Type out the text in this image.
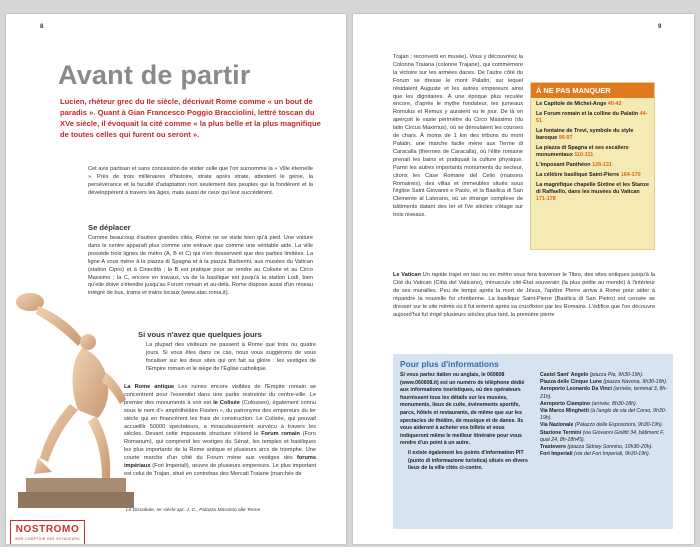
8
Avant de partir
Lucien, rhéteur grec du IIe siècle, décrivait Rome comme « un bout de paradis ». Quant à Gian Francesco Poggio Bracciolini, lettré toscan du XVe siècle, il évoquait la cité comme « la plus belle et la plus magnifique de toutes celles qui furent ou seront ».
Cet avis partisan et sans concession de visiter celle que l'on surnomme la « Ville éternelle ». Près de trois millénaires d'histoire, strate après strate, attestent le génie, la persévérance et la faculté d'adaptation non seulement des peuples qui la fondèrent et la développèrent à travers les âges, mais aussi de ceux qui leur succédèrent.
Se déplacer
Comme beaucoup d'autres grandes cités, Rome ne se visite bien qu'à pied. Une voiture dans le centre apparaît plus comme une entrave que comme une véritable aide. La ville possède trois lignes de métro (A, B et C) qui n'en desservent que des parties limitées. La ligne A vous mène à la piazza di Spagna et à la piazza Barberini, aux musées du Vatican (station Cipro) et à Cinecittà ; la B est pratique pour se rendre au Colisée et au Circo Massimo ; la C, encore en travaux, va de la basilique est jusqu'à la station Lodi, bien qu'elle doive s'étendre jusqu'au Forum romain et au-delà. Rome dispose aussi d'un réseau intégré de bus, trams et trains locaux (www.atac.roma.it).
Si vous n'avez que quelques jours
La plupart des visiteurs ne passent à Rome que trois ou quatre jours. Si vous êtes dans ce cas, nous vous suggérons de vous focaliser sur les deux sites qui ont fait sa gloire : les vestiges de l'Empire romain et le siège de l'Église catholique.
La Rome antique Les ruines encore visibles de l'Empire romain se concentrent pour l'essentiel dans une partie restreinte du centre-ville. Le premier des monuments à voir est le Colisée (Colosseo), également connu sous le nom d'« amphithéâtre Flavien », du patronyme des empereurs du Ier siècle qui en financèrent les frais de construction. Le Colisée, qui pouvait accueillir 50000 spectateurs, a miraculeusement survécu à travers les siècles. Devant cette imposante structure s'étend le Forum romain (Foro Romanum), qui comprend les vestiges du Sénat, les temples et basiliques les plus importants de la Rome antique et plusieurs arcs de triomphe. Une courte marche d'un côté du Forum mène aux vestiges des forums impériaux (Fori Imperiali), œuvre de plusieurs empereurs. Le plus important est celui de Trajan, situé en contrebas des Mercati Traiane (marchés de
Le Discobole, Ier siècle apr. J.-C., Palazzo Massimo alle Terme
NOSTROMO
WEB COMPTOIR DES VOYAGEURS
9
Trajan ; reconverti en musée). Vous y découvrirez la Colonna Traiana (colonne Trajane), qui commémore la victoire sur les armées daces. De l'autre côté du Forum se dresse le mont Palatin, sur lequel résidaient Auguste et les autres empereurs ainsi que les dignitaires. À une époque plus reculée encore, d'après le mythe fondateur, les jumeaux Romulus et Remus y auraient vu le jour. De là on aperçoit le vaste périmètre du Circo Massimo (du latin Circus Maximus), où se déroulaient les courses de chars. À moins de 1 km des tribuns du mont Palatin, une marche facile mène aux Terme di Caracalla (thermes de Caracalla), où l'élite romaine prenait les bains et pratiquait la culture physique. Parmi les autres importants monuments du secteur, citons les Case Romane del Celio (maisons Romaines), des villas et immeubles situés sous l'église Saint Giovanni e Paolo, et la Basilica di San Clemente al Laterano, où un étrange complexe de bâtiments datant des Ier et IVe siècles s'étage sur trois niveaux.
À NE PAS MANQUER
Le Capitole de Michel-Ange 40-42
Le Forum romain et la colline du Palatin 44-51
La fontaine de Trevi, symbole du style baroque 96-97
La piazza di Spagna et ses escaliers monumentaux 110-111
L'imposant Panthéon 128-131
La célèbre basilique Saint-Pierre 164-170
La magnifique chapelle Sixtine et les Stanze di Raffaello, dans les musées du Vatican 171-178
Le Vatican Un rapide trajet en taxi ou en métro vous fera traverser le Tibre, des sites antiques jusqu'à la Cité du Vatican (Città del Vaticano), minuscule cité-État souverain (la plus petite au monde) à l'intérieur de ses murailles. Peu de temps après la mort de Jésus, l'apôtre Pierre arriva à Rome pour aider à répandre la nouvelle foi chrétienne. La basilique Saint-Pierre (Basilica di San Pietro) est censée se dresser sur le site même où il fut enterré après sa crucifixion par les Romains. L'édifice que l'on découvre aujourd'hui fut érigé plusieurs siècles plus tard, la première pierre
Pour plus d'informations
Si vous parlez italien ou anglais, le 060608 (www.060608.it) est un numéro de téléphone dédié aux informations touristiques, où des opérateurs fournissent tous les détails sur les musées, monuments, lieux de culte, événements sportifs, parcs, hôtels et restaurants, de même que sur les spectacles de théâtre, de musique et de danse. Ils vous aideront à acheter vos billets et vous indiqueront même le meilleur itinéraire pour vous rendre d'un point à un autre.
Il existe également les points d'information PIT (punto di informazione turistica) situés en divers lieux de la ville cités ci-contre.
Castel Sant' Angelo (piazza Pia, 9h30-19h).
Piazza delle Cinque Lune (piazza Navona, 9h30-19h).
Aeroporto Leonardo Da Vinci (arrivée, terminal 3, 8h-21h).
Aeroporto Ciampino (arrivée, 8h30-18h).
Via Marco Minghetti (à l'angle de via del Corso, 9h30-19h).
Via Nazionale (Palazzo delle Esposizioni, 9h30-19h).
Stazione Termini (via Giovanni Giolitti 34, bâtiment F, quai 24, 8h-18h45).
Trastevere (piazza Sidney Sonnino, 10h30-20h).
Fori Imperiali (via dei Fori Imperiali, 9h30-19h).
